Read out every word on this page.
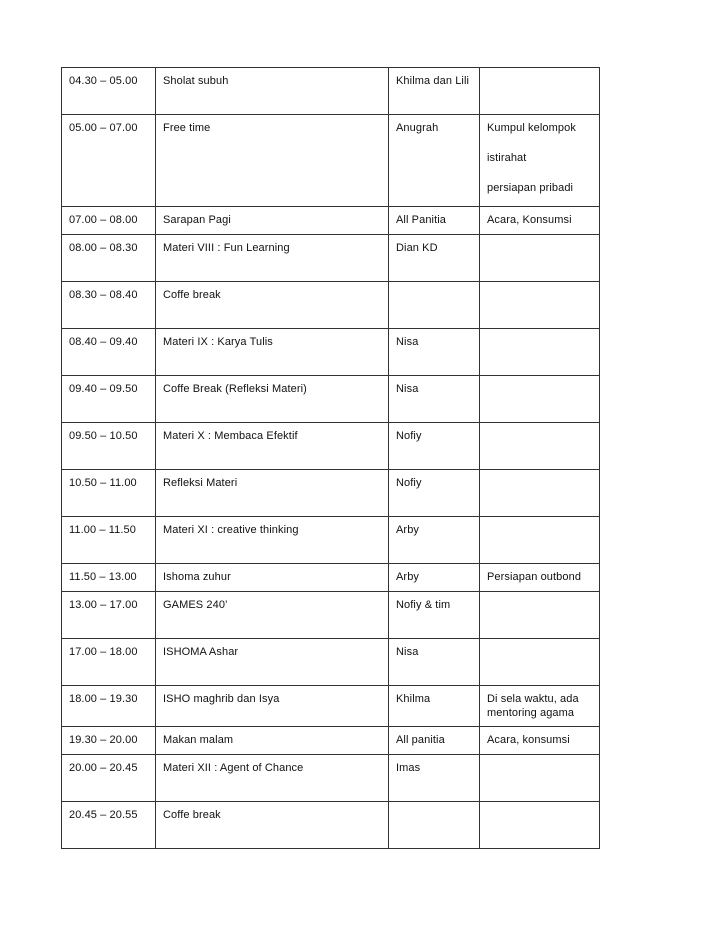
04.30 – 05.00	Sholat subuh	Khilma dan Lili	
05.00 – 07.00	Free time	Anugrah	Kumpul kelompok
istirahat
persiapan pribadi

07.00 – 08.00	Sarapan Pagi	All Panitia	Acara, Konsumsi
08.00 – 08.30	Materi VIII : Fun Learning	Dian KD	
08.30 – 08.40	Coffe break		
08.40 – 09.40	Materi IX : Karya Tulis	Nisa	
09.40 – 09.50	Coffe Break (Refleksi Materi)	Nisa	
09.50 – 10.50	Materi X : Membaca Efektif	Nofiy	
10.50 – 11.00	Refleksi Materi	Nofiy	
11.00 – 11.50	Materi XI : creative thinking	Arby	
11.50 – 13.00	Ishoma zuhur	Arby	Persiapan outbond
13.00 – 17.00	GAMES 240’	Nofiy & tim	
17.00 – 18.00	ISHOMA Ashar	Nisa	
18.00 – 19.30	ISHO maghrib dan Isya	Khilma	Di sela waktu, ada mentoring agama
19.30 – 20.00	Makan malam	All panitia	Acara, konsumsi
20.00 – 20.45	Materi XII : Agent of Chance	Imas	
20.45 – 20.55	Coffe break		
